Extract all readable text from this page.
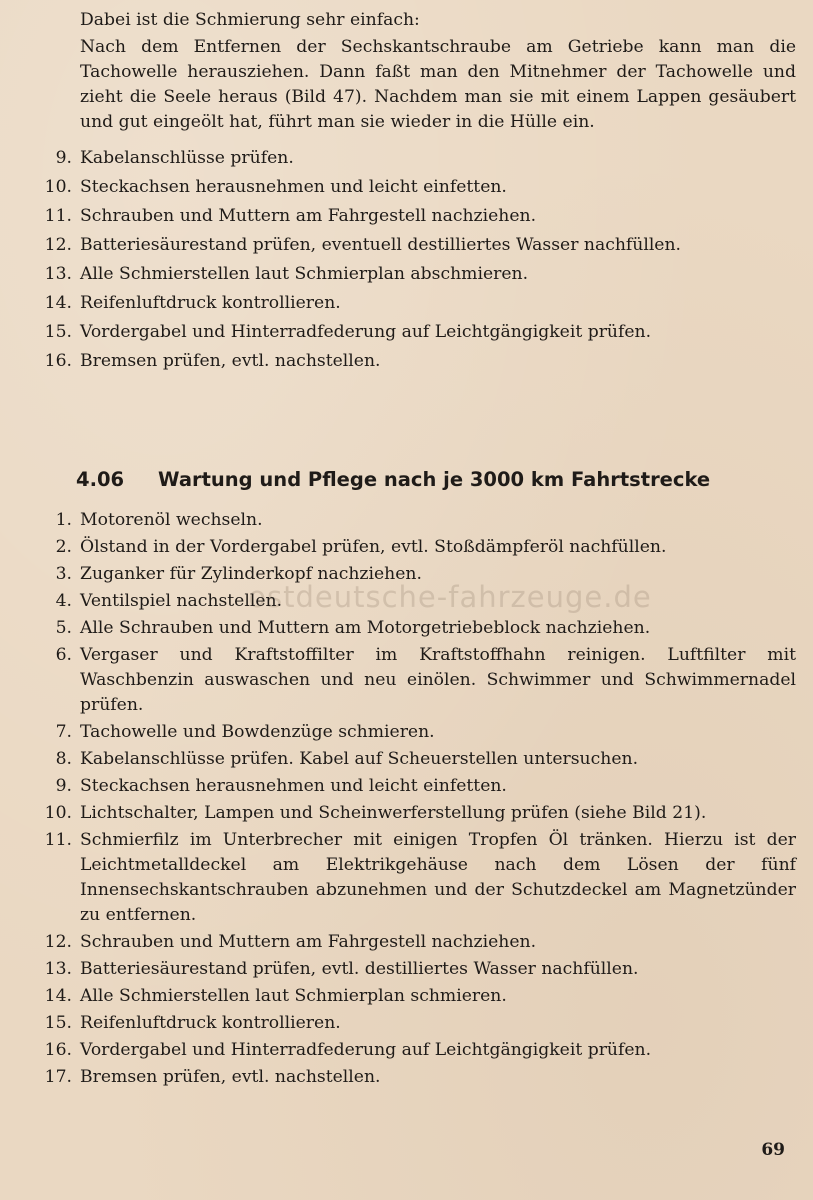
Dabei ist die Schmierung sehr einfach:
Nach dem Entfernen der Sechskantschraube am Getriebe kann man die Tachowelle herausziehen. Dann faßt man den Mitnehmer der Tachowelle und zieht die Seele heraus (Bild 47). Nachdem man sie mit einem Lappen gesäubert und gut eingeölt hat, führt man sie wieder in die Hülle ein.
9. Kabelanschlüsse prüfen.
10. Steckachsen herausnehmen und leicht einfetten.
11. Schrauben und Muttern am Fahrgestell nachziehen.
12. Batteriesäurestand prüfen, eventuell destilliertes Wasser nachfüllen.
13. Alle Schmierstellen laut Schmierplan abschmieren.
14. Reifenluftdruck kontrollieren.
15. Vordergabel und Hinterradfederung auf Leichtgängigkeit prüfen.
16. Bremsen prüfen, evtl. nachstellen.
4.06	Wartung und Pflege nach je 3000 km Fahrtstrecke
ostdeutsche-fahrzeuge.de
1. Motorenöl wechseln.
2. Ölstand in der Vordergabel prüfen, evtl. Stoßdämpferöl nachfüllen.
3. Zuganker für Zylinderkopf nachziehen.
4. Ventilspiel nachstellen.
5. Alle Schrauben und Muttern am Motorgetriebeblock nachziehen.
6. Vergaser und Kraftstoffilter im Kraftstoffhahn reinigen. Luftfilter mit Waschbenzin auswaschen und neu einölen. Schwimmer und Schwimmernadel prüfen.
7. Tachowelle und Bowdenzüge schmieren.
8. Kabelanschlüsse prüfen. Kabel auf Scheuerstellen untersuchen.
9. Steckachsen herausnehmen und leicht einfetten.
10. Lichtschalter, Lampen und Scheinwerferstellung prüfen (siehe Bild 21).
11. Schmierfilz im Unterbrecher mit einigen Tropfen Öl tränken. Hierzu ist der Leichtmetalldeckel am Elektrikgehäuse nach dem Lösen der fünf Innensechskantschrauben abzunehmen und der Schutzdeckel am Magnetzünder zu entfernen.
12. Schrauben und Muttern am Fahrgestell nachziehen.
13. Batteriesäurestand prüfen, evtl. destilliertes Wasser nachfüllen.
14. Alle Schmierstellen laut Schmierplan schmieren.
15. Reifenluftdruck kontrollieren.
16. Vordergabel und Hinterradfederung auf Leichtgängigkeit prüfen.
17. Bremsen prüfen, evtl. nachstellen.
69
